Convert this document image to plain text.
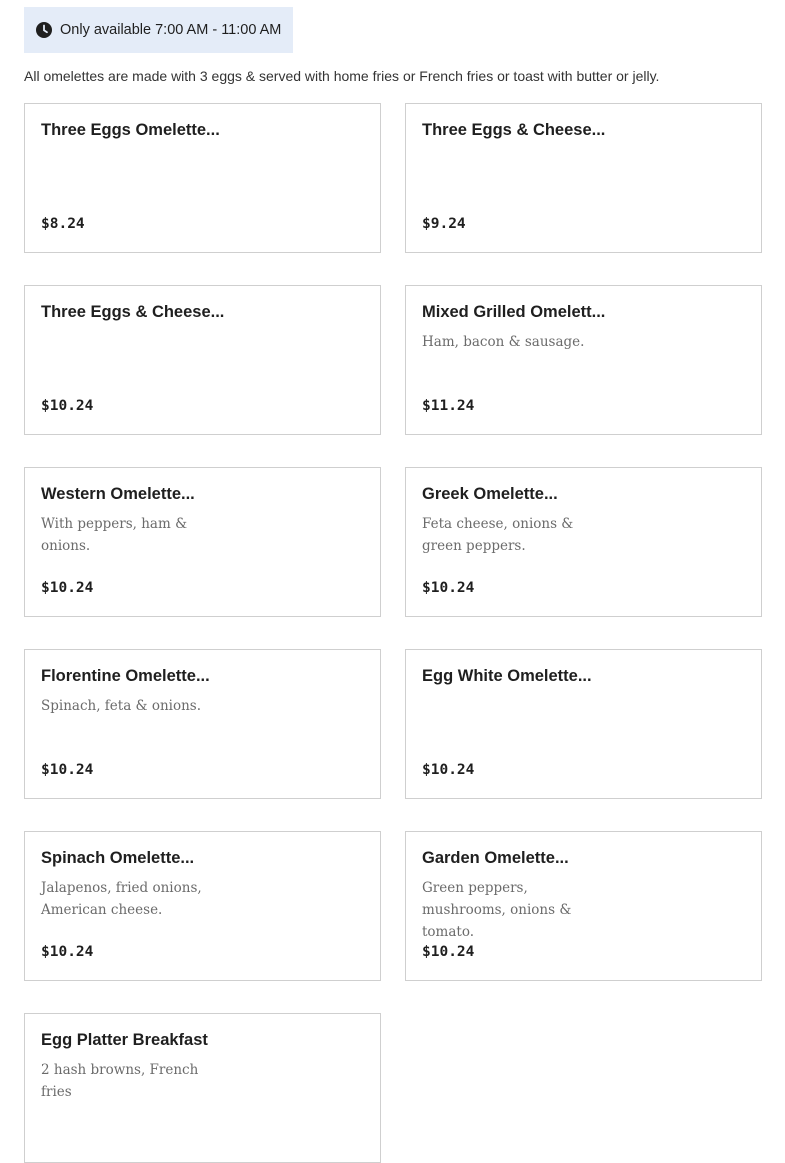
Only available 7:00 AM - 11:00 AM
All omelettes are made with 3 eggs & served with home fries or French fries or toast with butter or jelly.
Three Eggs Omelette...
$8.24
Three Eggs & Cheese...
$9.24
Three Eggs & Cheese...
$10.24
Mixed Grilled Omelett...
Ham, bacon & sausage.
$11.24
Western Omelette...
With peppers, ham & onions.
$10.24
Greek Omelette...
Feta cheese, onions & green peppers.
$10.24
Florentine Omelette...
Spinach, feta & onions.
$10.24
Egg White Omelette...
$10.24
Spinach Omelette...
Jalapenos, fried onions, American cheese.
$10.24
Garden Omelette...
Green peppers, mushrooms, onions & tomato.
$10.24
Egg Platter Breakfast
2 hash browns, French fries
